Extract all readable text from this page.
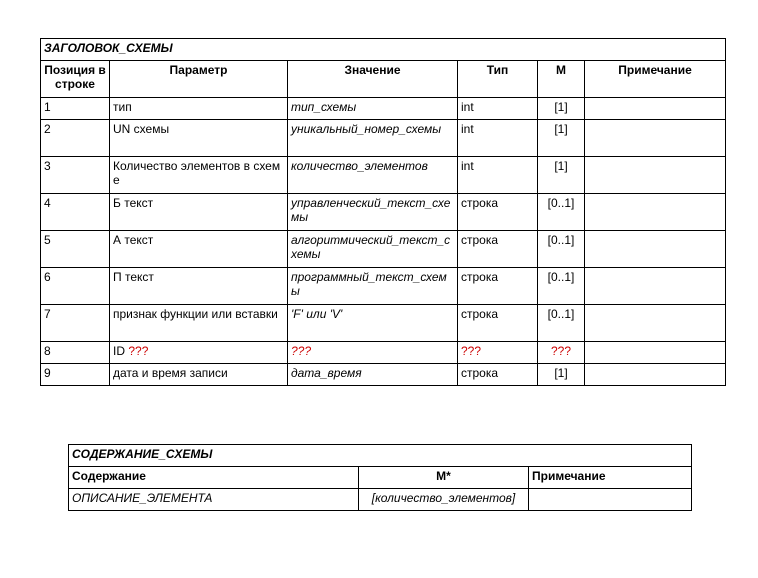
ЗАГОЛОВОК_СХЕМЫ					
Позиция в строке	Параметр	Значение	Тип	М	Примечание
1	тип	тип_схемы	int	[1]	
2	UN схемы	уникальный_номер_схемы	int	[1]	
3	Количество элементов в схеме	количество_элементов	int	[1]	
4	Б текст	управленческий_текст_схемы	строка	[0..1]	
5	А текст	алгоритмический_текст_схемы	строка	[0..1]	
6	П текст	программный_текст_схемы	строка	[0..1]	
7	признак функции или вставки	'F' или 'V'	строка	[0..1]	
8	ID ???	???	???	???	
9	дата и время записи	дата_время	строка	[1]	
СОДЕРЖАНИЕ_СХЕМЫ		
Содержание	М*	Примечание
ОПИСАНИЕ_ЭЛЕМЕНТА	[количество_элементов]	
